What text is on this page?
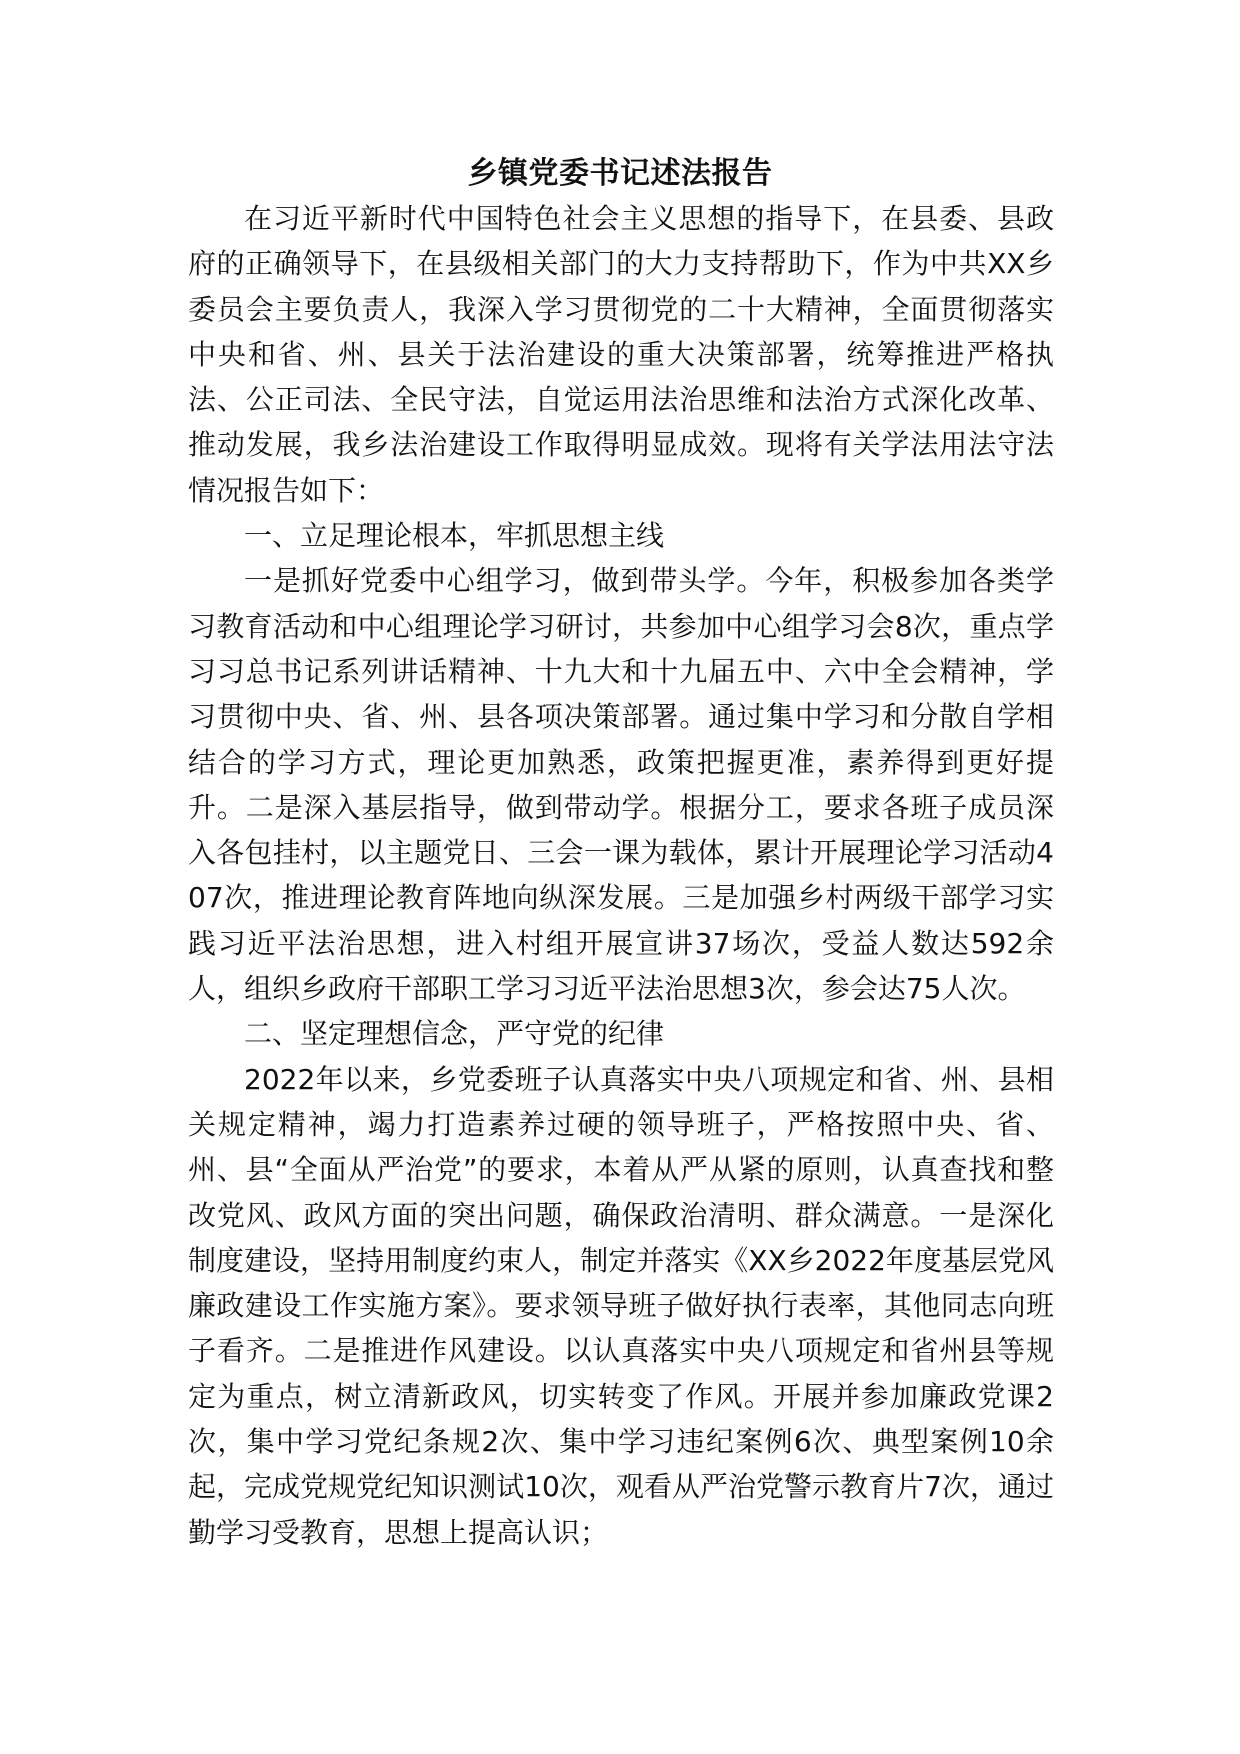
乡镇党委书记述法报告

在习近平新时代中国特色社会主义思想的指导下，在县委、县政府的正确领导下，在县级相关部门的大力支持帮助下，作为中共XX乡委员会主要负责人，我深入学习贯彻党的二十大精神，全面贯彻落实中央和省、州、县关于法治建设的重大决策部署，统筹推进严格执法、公正司法、全民守法，自觉运用法治思维和法治方式深化改革、推动发展，我乡法治建设工作取得明显成效。现将有关学法用法守法情况报告如下：

一、立足理论根本，牢抓思想主线

一是抓好党委中心组学习，做到带头学。今年，积极参加各类学习教育活动和中心组理论学习研讨，共参加中心组学习会8次，重点学习习总书记系列讲话精神、十九大和十九届五中、六中全会精神，学习贯彻中央、省、州、县各项决策部署。通过集中学习和分散自学相结合的学习方式，理论更加熟悉，政策把握更准，素养得到更好提升。二是深入基层指导，做到带动学。根据分工，要求各班子成员深入各包挂村，以主题党日、三会一课为载体，累计开展理论学习活动407次，推进理论教育阵地向纵深发展。三是加强乡村两级干部学习实践习近平法治思想，进入村组开展宣讲37场次，受益人数达592余人，组织乡政府干部职工学习习近平法治思想3次，参会达75人次。

二、坚定理想信念，严守党的纪律

2022年以来，乡党委班子认真落实中央八项规定和省、州、县相关规定精神，竭力打造素养过硬的领导班子，严格按照中央、省、州、县“全面从严治党”的要求，本着从严从紧的原则，认真查找和整改党风、政风方面的突出问题，确保政治清明、群众满意。一是深化制度建设，坚持用制度约束人，制定并落实《XX乡2022年度基层党风廉政建设工作实施方案》。要求领导班子做好执行表率，其他同志向班子看齐。二是推进作风建设。以认真落实中央八项规定和省州县等规定为重点，树立清新政风，切实转变了作风。开展并参加廉政党课2次，集中学习党纪条规2次、集中学习违纪案例6次、典型案例10余起，完成党规党纪知识测试10次，观看从严治党警示教育片7次，通过勤学习受教育，思想上提高认识；
